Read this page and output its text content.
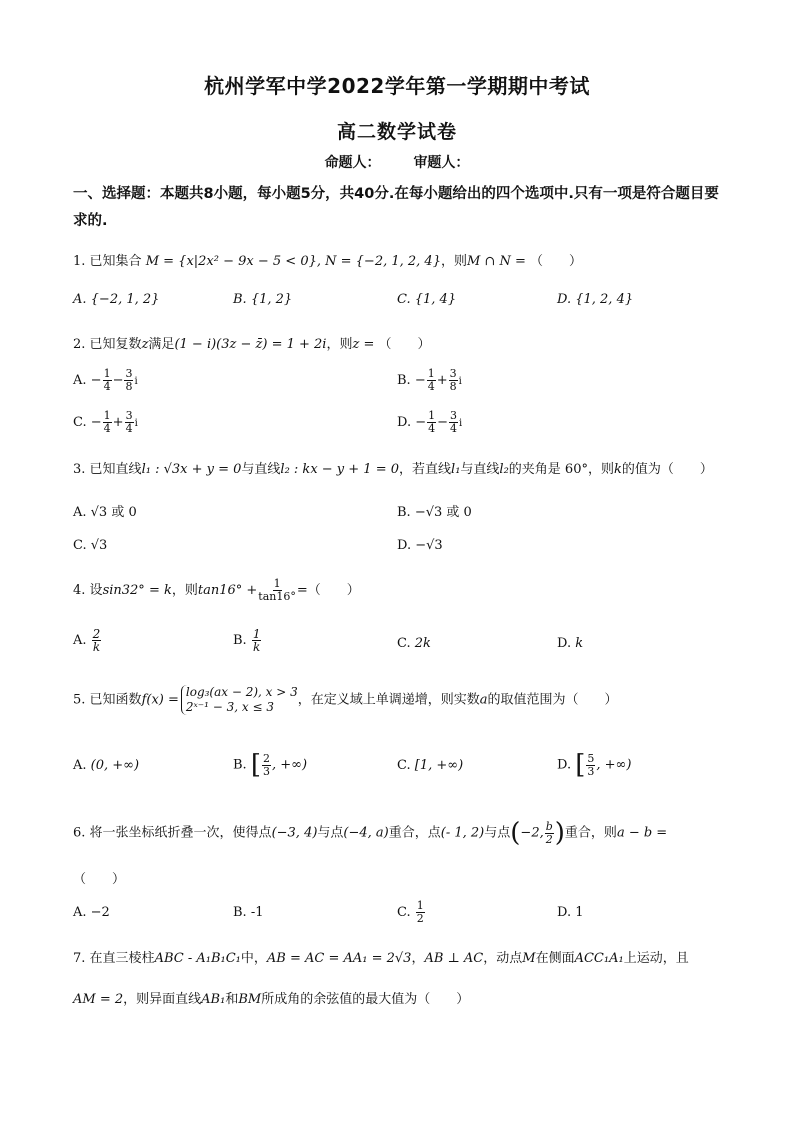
杭州学军中学2022学年第一学期期中考试
高二数学试卷
命题人： 审题人：
一、选择题：本题共8小题，每小题5分，共40分.在每小题给出的四个选项中.只有一项是符合题目要求的.
1. 已知集合 M = {x|2x² − 9x − 5 < 0}, N = {−2, 1, 2, 4}，则M ∩ N = （　　）
A. {−2, 1, 2}	B. {1, 2}	C. {1, 4}	D. {1, 2, 4}
2. 已知复数z满足(1 − i)(3z − z̄) = 1 + 2i，则z = （　　）
A. − $\frac{1}{4} - \frac{3}{8}$ i	B. − $\frac{1}{4} + \frac{3}{8}$ i
C. − $\frac{1}{4} + \frac{3}{4}$ i	D. − $\frac{1}{4} - \frac{3}{4}$ i
3. 已知直线l₁ : √3x + y = 0与直线l₂ : kx − y + 1 = 0，若直线l₁与直线l₂的夹角是 60°，则k的值为（　　）
A. √3 或 0	B. −√3 或 0
C. √3	D. −√3
4. 设sin32° = k，则$\tan 16^\circ + \frac{1}{\tan 16^\circ}$ =（　　）
A. $\frac{2}{k}$	B. $\frac{1}{k}$	C. 2k	D. k
5. 已知函数f(x) =
log₃(ax − 2), x > 3
2ˣ⁻¹ − 3, x ≤ 3	，在定义域上单调递增，则实数a的取值范围为（　　）
A. (0, +∞)	B. [ $\frac{2}{3}$ , +∞)	C. [1, +∞)	D. [ $\frac{5}{3}$ , +∞)
6. 将一张坐标纸折叠一次，使得点(−3, 4)与点(−4, a)重合，点(- 1, 2)与点(−2, $\frac{b}{2}$ )重合，则a − b =
（　　）
A. −2	B. -1	C. $\frac{1}{2}$	D. 1
7. 在直三棱柱ABC - A₁B₁C₁中，AB = AC = AA₁ = 2√3，AB ⊥ AC，动点M在侧面ACC₁A₁上运动，且
AM = 2，则异面直线AB₁和BM所成角的余弦值的最大值为（　　）
